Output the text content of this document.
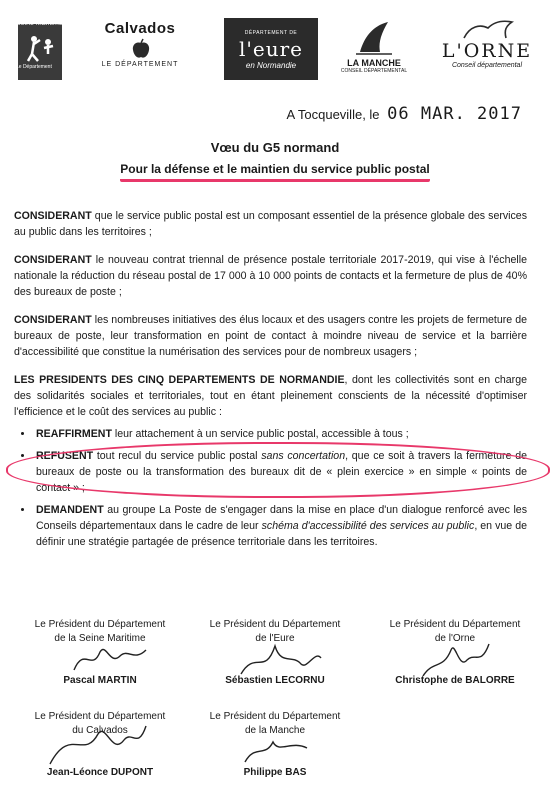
Seine Maritime
Le Département
Calvados
LE DÉPARTEMENT
DÉPARTEMENT DE
l'eure
en Normandie	LA MANCHE
CONSEIL DÉPARTEMENTAL
L'ORNE
Conseil départemental
A Tocqueville, le 06 MAR. 2017
Vœu du G5 normand
Pour la défense et le maintien du service public postal

CONSIDERANT que le service public postal est un composant essentiel de la présence globale des services au public dans les territoires ;

CONSIDERANT le nouveau contrat triennal de présence postale territoriale 2017-2019, qui vise à l'échelle nationale la réduction du réseau postal de 17 000 à 10 000 points de contacts et la fermeture de plus de 40% des bureaux de poste ;

CONSIDERANT les nombreuses initiatives des élus locaux et des usagers contre les projets de fermeture de bureaux de poste, leur transformation en point de contact à moindre niveau de service et la barrière d'accessibilité que constitue la numérisation des services pour de nombreux usagers ;

LES PRESIDENTS DES CINQ DEPARTEMENTS DE NORMANDIE, dont les collectivités sont en charge des solidarités sociales et territoriales, tout en étant pleinement conscients de la nécessité d'optimiser l'efficience et le coût des services au public :

• REAFFIRMENT leur attachement à un service public postal, accessible à tous ;
• REFUSENT tout recul du service public postal sans concertation, que ce soit à travers la fermeture de bureaux de poste ou la transformation des bureaux dit de « plein exercice » en simple « points de contact » ;
• DEMANDENT au groupe La Poste de s'engager dans la mise en place d'un dialogue renforcé avec les Conseils départementaux dans le cadre de leur schéma d'accessibilité des services au public, en vue de définir une stratégie partagée de présence territoriale dans les territoires.
Le Président du Département
de la Seine Maritime
Pascal MARTIN
Le Président du Département
de l'Eure
Sébastien LECORNU
Le Président du Département
de l'Orne
Christophe de BALORRE
Le Président du Département
du Calvados
Jean-Léonce DUPONT
Le Président du Département
de la Manche
Philippe BAS
